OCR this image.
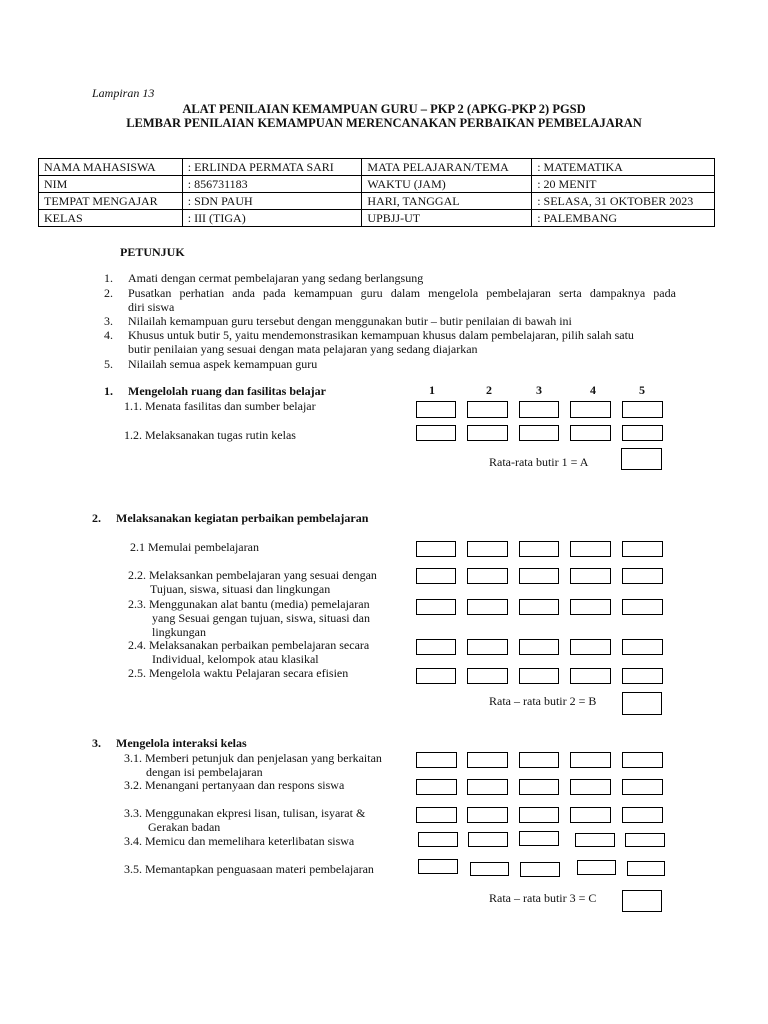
Lampiran 13
ALAT PENILAIAN KEMAMPUAN GURU – PKP 2 (APKG-PKP 2) PGSD
LEMBAR PENILAIAN KEMAMPUAN MERENCANAKAN PERBAIKAN PEMBELAJARAN
NAMA MAHASISWA	: ERLINDA PERMATA SARI	MATA PELAJARAN/TEMA	: MATEMATIKA
NIM	: 856731183	WAKTU (JAM)	: 20 MENIT
TEMPAT MENGAJAR	: SDN PAUH	HARI, TANGGAL	: SELASA, 31 OKTOBER 2023
KELAS	: III (TIGA)	UPBJJ-UT	: PALEMBANG
PETUNJUK
1. Amati dengan cermat pembelajaran yang sedang berlangsung
2. Pusatkan perhatian anda pada kemampuan guru dalam mengelola pembelajaran serta dampaknya pada
diri siswa
3. Nilailah kemampuan guru tersebut dengan menggunakan butir – butir penilaian di bawah ini
4. Khusus untuk butir 5, yaitu mendemonstrasikan kemampuan khusus dalam pembelajaran, pilih salah satu
butir penilaian yang sesuai dengan mata pelajaran yang sedang diajarkan
5. Nilailah semua aspek kemampuan guru
1	2	3	4	5
1. Mengelolah ruang dan fasilitas belajar
1.1. Menata fasilitas dan sumber belajar
1.2. Melaksanakan tugas rutin kelas
Rata-rata butir 1 = A
2. Melaksanakan kegiatan perbaikan pembelajaran
2.1 Memulai pembelajaran
2.2. Melaksankan pembelajaran yang sesuai dengan
Tujuan, siswa, situasi dan lingkungan
2.3. Menggunakan alat bantu (media) pemelajaran
yang Sesuai gengan tujuan, siswa, situasi dan
lingkungan
2.4. Melaksanakan perbaikan pembelajaran secara
Individual, kelompok atau klasikal
2.5. Mengelola waktu Pelajaran secara efisien
Rata – rata butir 2 = B
3. Mengelola interaksi kelas
3.1. Memberi petunjuk dan penjelasan yang berkaitan
dengan isi pembelajaran
3.2. Menangani pertanyaan dan respons siswa
3.3. Menggunakan ekpresi lisan, tulisan, isyarat &
Gerakan badan
3.4. Memicu dan memelihara keterlibatan siswa
3.5. Memantapkan penguasaan materi pembelajaran
Rata – rata butir 3 = C
